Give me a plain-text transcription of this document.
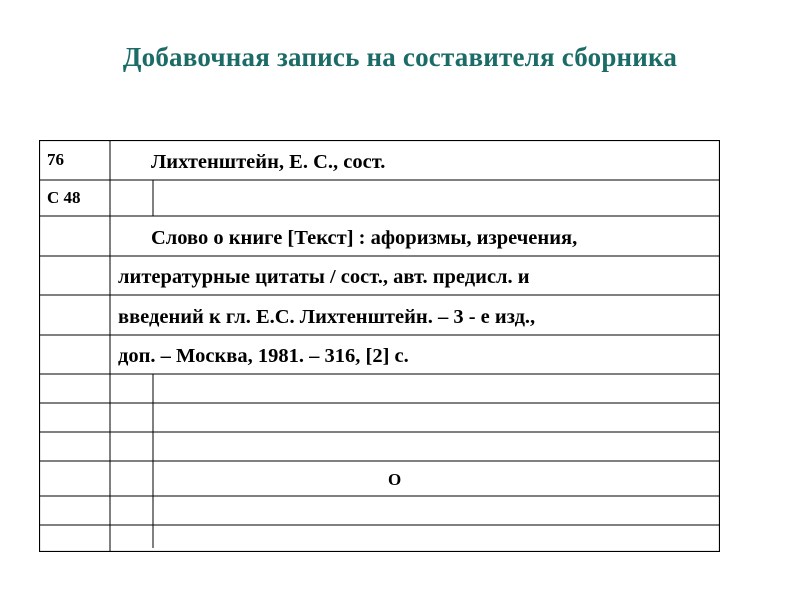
Добавочная запись на составителя сборника
76
С 48
Лихтенштейн, Е. С., сост.
Слово о книге [Текст] : афоризмы, изречения,
литературные цитаты / сост., авт. предисл. и
введений к гл. Е.С. Лихтенштейн. – 3 - е изд.,
доп. – Москва, 1981. – 316, [2] с.
О
